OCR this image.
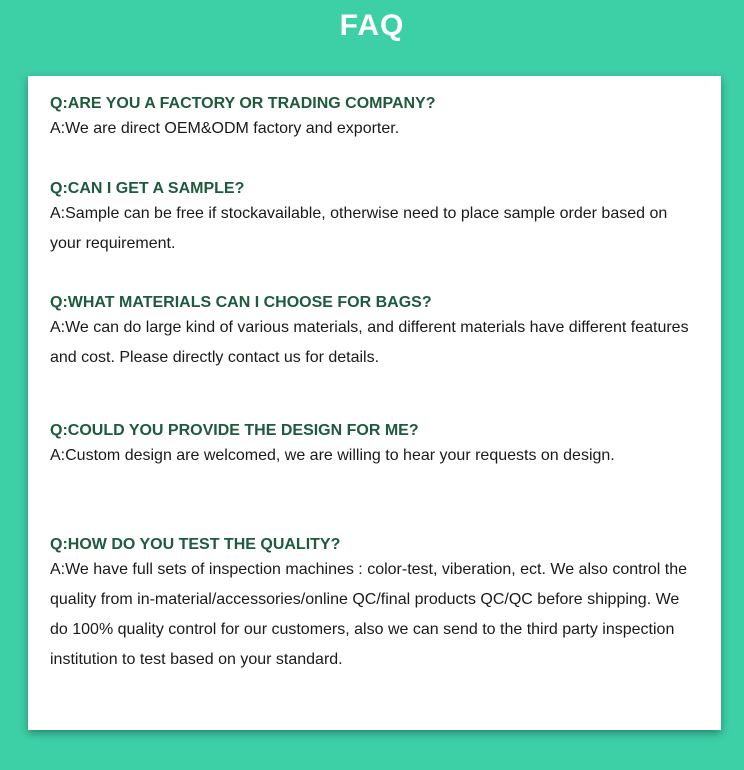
FAQ

Q:ARE YOU A FACTORY OR TRADING COMPANY?

A:We are direct OEM&ODM factory and exporter.

Q:CAN I GET A SAMPLE?

A:Sample can be free if stockavailable, otherwise need to place sample order based on your requirement.

Q:WHAT MATERIALS CAN I CHOOSE FOR BAGS?

A:We can do large kind of various materials, and different materials have different features and cost. Please directly contact us for details.

Q:COULD YOU PROVIDE THE DESIGN FOR ME?

A:Custom design are welcomed, we are willing to hear your requests on design.

Q:HOW DO YOU TEST THE QUALITY?

A:We have full sets of inspection machines : color-test, viberation, ect. We also control the quality from in-material/accessories/online QC/final products QC/QC before shipping. We do 100% quality control for our customers, also we can send to the third party inspection institution to test based on your standard.
